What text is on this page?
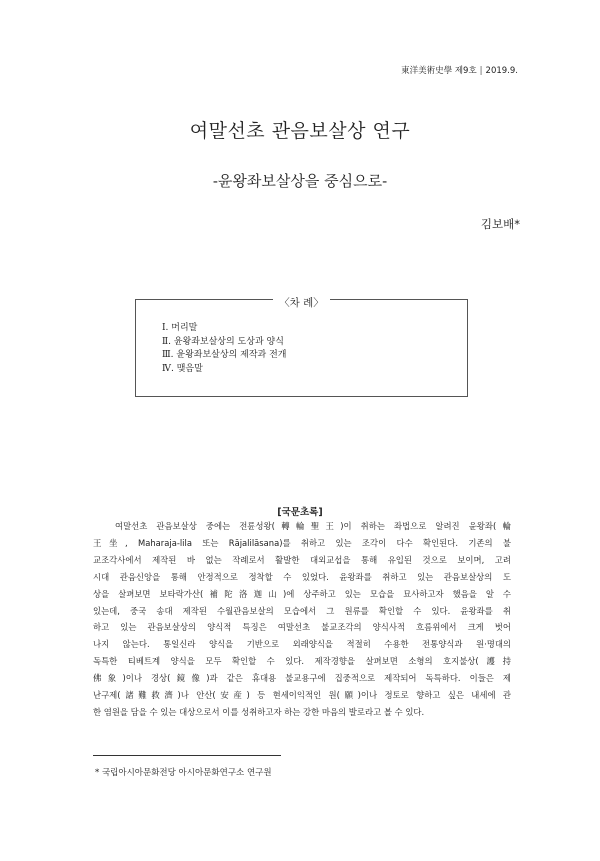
東洋美術史學 제9호 | 2019.9.
여말선초 관음보살상 연구
-윤왕좌보살상을 중심으로-
김보배*
〈차 례〉
Ⅰ. 머리말
Ⅱ. 윤왕좌보살상의 도상과 양식
Ⅲ. 윤왕좌보살상의 제작과 전개
Ⅳ. 맺음말
[국문초록]

여말선초 관음보살상 중에는 전륜성왕(轉輪聖王)이 취하는 좌법으로 알려진 윤왕좌(輪
王坐, Maharaja-lila 또는 Rājalilāsana)를 취하고 있는 조각이 다수 확인된다. 기존의 불
교조각사에서 제작된 바 없는 작례로서 활발한 대외교섭을 통해 유입된 것으로 보이며, 고려
시대 관음신앙을 통해 안정적으로 정착할 수 있었다. 윤왕좌를 취하고 있는 관음보살상의 도
상을 살펴보면 보타락가산(補陀洛迦山)에 상주하고 있는 모습을 묘사하고자 했음을 알 수
있는데, 중국 송대 제작된 수월관음보살의 모습에서 그 원류를 확인할 수 있다. 윤왕좌를 취
하고 있는 관음보살상의 양식적 특징은 여말선초 불교조각의 양식사적 흐름위에서 크게 벗어
나지 않는다. 통일신라 양식을 기반으로 외래양식을 적절히 수용한 전통양식과 원·명대의
독특한 티베트계 양식을 모두 확인할 수 있다. 제작경향을 살펴보면 소형의 호지불상(護持
佛象)이나 경상(鏡像)과 같은 휴대용 불교용구에 집중적으로 제작되어 독특하다. 이들은 제
난구제(諸難救濟)나 안산(安産) 등 현세이익적인 원(願)이나 정토로 향하고 싶은 내세에 관
한 염원을 담을 수 있는 대상으로서 이를 성취하고자 하는 강한 마음의 발로라고 볼 수 있다.

* 국립아시아문화전당 아시아문화연구소 연구원
